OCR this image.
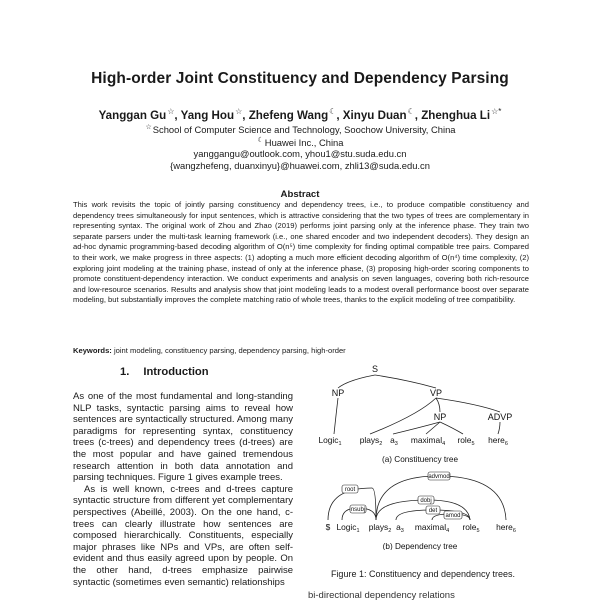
High-order Joint Constituency and Dependency Parsing
Yanggan Gu☆, Yang Hou☆, Zhefeng Wang☾, Xinyu Duan☾, Zhenghua Li☆*
☆School of Computer Science and Technology, Soochow University, China
☾Huawei Inc., China
yanggangu@outlook.com, yhou1@stu.suda.edu.cn
{wangzhefeng, duanxinyu}@huawei.com, zhli13@suda.edu.cn
Abstract
This work revisits the topic of jointly parsing constituency and dependency trees, i.e., to produce compatible constituency and dependency trees simultaneously for input sentences, which is attractive considering that the two types of trees are complementary in representing syntax. The original work of Zhou and Zhao (2019) performs joint parsing only at the inference phase. They train two separate parsers under the multi-task learning framework (i.e., one shared encoder and two independent decoders). They design an ad-hoc dynamic programming-based decoding algorithm of O(n⁵) time complexity for finding optimal compatible tree pairs. Compared to their work, we make progress in three aspects: (1) adopting a much more efficient decoding algorithm of O(n⁴) time complexity, (2) exploring joint modeling at the training phase, instead of only at the inference phase, (3) proposing high-order scoring components to promote constituent-dependency interaction. We conduct experiments and analysis on seven languages, covering both rich-resource and low-resource scenarios. Results and analysis show that joint modeling leads to a modest overall performance boost over separate modeling, but substantially improves the complete matching ratio of whole trees, thanks to the explicit modeling of tree compatibility.
Keywords: joint modeling, constituency parsing, dependency parsing, high-order
1. Introduction

As one of the most fundamental and long-standing NLP tasks, syntactic parsing aims to reveal how sentences are syntactically structured. Among many paradigms for representing syntax, constituency trees (c-trees) and dependency trees (d-trees) are the most popular and have gained tremendous research attention in both data annotation and parsing techniques. Figure 1 gives example trees.

As is well known, c-trees and d-trees capture syntactic structure from different yet complementary perspectives (Abeillé, 2003). On the one hand, c-trees can clearly illustrate how sentences are composed hierarchically. Constituents, especially major phrases like NPs and VPs, are often self-evident and thus easily agreed upon by people. On the other hand, d-trees emphasize pairwise syntactic (sometimes even semantic) relationships

S
NP	VP
NP	ADVP
Logic$_1$ plays$_2$ $a_3$ maximal$_4$ role$_5$ here$_6$
(a) Constituency tree
root
nsubj
dobj
advmod
det
amod
$ Logic$_1$ plays$_2$ $a_3$ maximal$_4$ role$_5$ here$_6$
(b) Dependency tree
Figure 1: Constituency and dependency trees.
bi-directional dependency relations
